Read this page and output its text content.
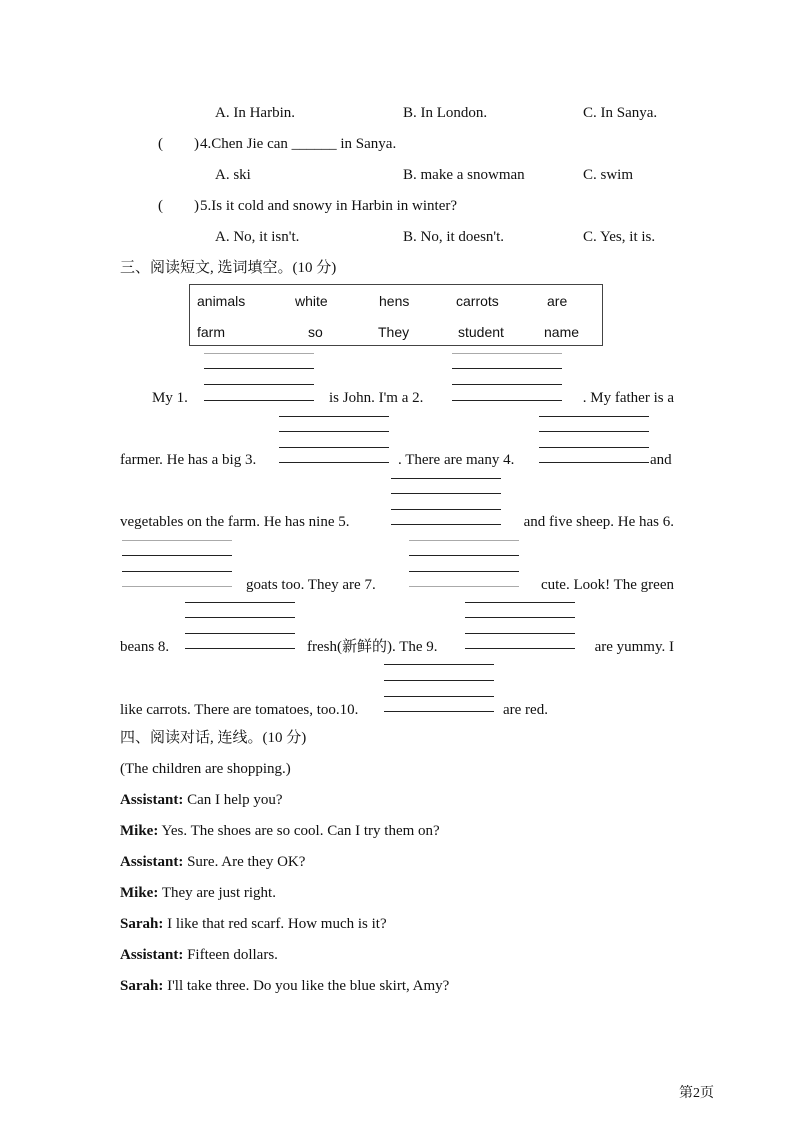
A. In Harbin.	B. In London.	C. In Sanya.
( ) 4.Chen Jie can ______ in Sanya.
A. ski	B. make a snowman	C. swim
( ) 5.Is it cold and snowy in Harbin in winter?
A. No, it isn't.	B. No, it doesn't.	C. Yes, it is.
三、阅读短文, 选词填空。(10 分)
animals	white	hens	carrots	are
farm	so	They	student	name
My 1.	is John. I'm a 2.	. My father is a
farmer. He has a big 3.	. There are many 4.	and
vegetables on the farm. He has nine 5.	and five sheep. He has 6.
goats too. They are 7.	cute. Look! The green
beans 8.	fresh(新鲜的). The 9.	are yummy. I
like carrots. There are tomatoes, too.10.	are red.
四、阅读对话, 连线。(10 分)
(The children are shopping.)
Assistant: Can I help you?
Mike: Yes. The shoes are so cool. Can I try them on?
Assistant: Sure. Are they OK?
Mike: They are just right.
Sarah: I like that red scarf. How much is it?
Assistant: Fifteen dollars.
Sarah: I'll take three. Do you like the blue skirt, Amy?
第2页
